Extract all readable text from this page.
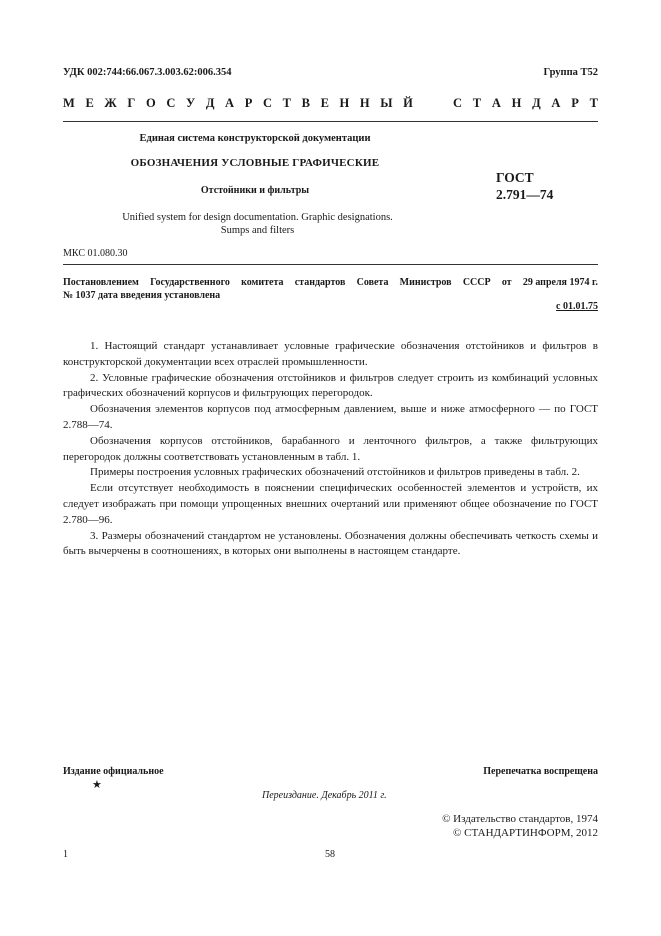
УДК 002:744:66.067.3.003.62:006.354	Группа Т52
М Е Ж Г О С У Д А Р С Т В Е Н Н Ы Й	С Т А Н Д А Р Т
Единая система конструкторской документации
ОБОЗНАЧЕНИЯ УСЛОВНЫЕ ГРАФИЧЕСКИЕ
Отстойники и фильтры
ГОСТ
2.791—74
Unified system for design documentation. Graphic designations.
Sumps and filters
МКС 01.080.30
Постановлением Государственного комитета стандартов Совета Министров СССР от 29 апреля 1974 г.
№ 1037 дата введения установлена
с 01.01.75

1. Настоящий стандарт устанавливает условные графические обозначения отстойников и фильтров в конструкторской документации всех отраслей промышленности.

2. Условные графические обозначения отстойников и фильтров следует строить из комбинаций условных графических обозначений корпусов и фильтрующих перегородок.

Обозначения элементов корпусов под атмосферным давлением, выше и ниже атмосферного — по ГОСТ 2.788—74.

Обозначения корпусов отстойников, барабанного и ленточного фильтров, а также фильтрующих перегородок должны соответствовать установленным в табл. 1.

Примеры построения условных графических обозначений отстойников и фильтров приведены в табл. 2.

Если отсутствует необходимость в пояснении специфических особенностей элементов и устройств, их следует изображать при помощи упрощенных внешних очертаний или применяют общее обозначение по ГОСТ 2.780—96.

3. Размеры обозначений стандартом не установлены. Обозначения должны обеспечивать четкость схемы и быть вычерчены в соотношениях, в которых они выполнены в настоящем стандарте.

Издание официальное	Перепечатка воспрещена
★
Переиздание. Декабрь 2011 г.
© Издательство стандартов, 1974
© СТАНДАРТИНФОРМ, 2012
1	58
